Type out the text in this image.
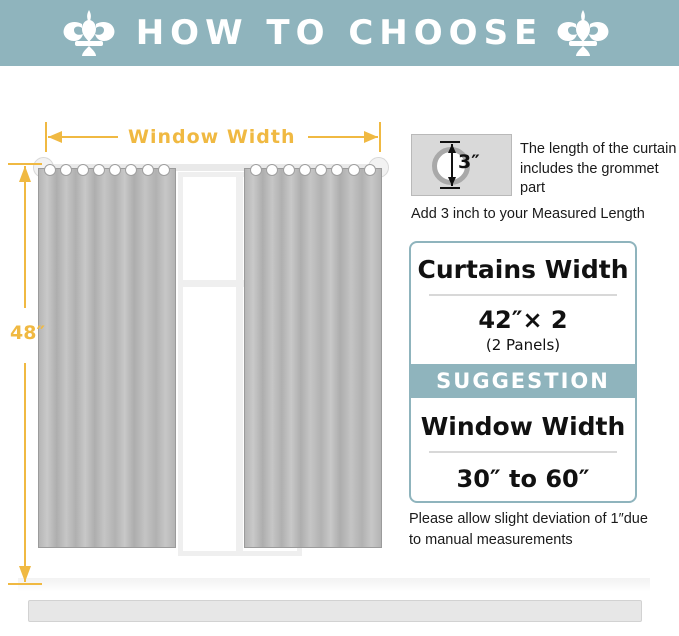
HOW TO CHOOSE
Window Width
48″
3″
The length of the curtain includes the grommet part
Add 3 inch to your Measured Length
Curtains Width
42″× 2
(2 Panels)
SUGGESTION
Window Width
30″ to 60″
Please allow slight deviation of 1″due to manual measurements
